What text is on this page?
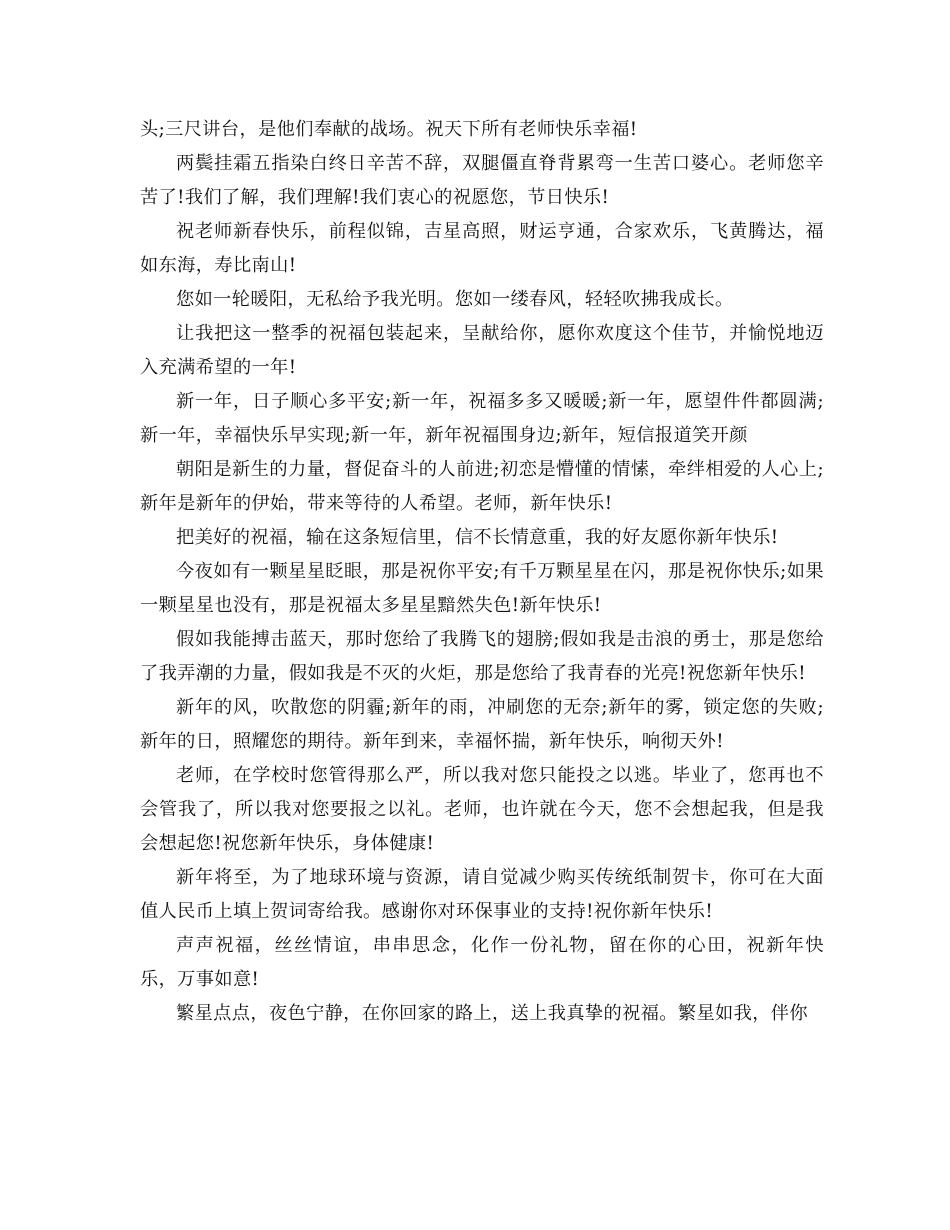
头;三尺讲台，是他们奉献的战场。祝天下所有老师快乐幸福!

两鬓挂霜五指染白终日辛苦不辞，双腿僵直脊背累弯一生苦口婆心。老师您辛苦了!我们了解，我们理解!我们衷心的祝愿您，节日快乐!

祝老师新春快乐，前程似锦，吉星高照，财运亨通，合家欢乐，飞黄腾达，福如东海，寿比南山!

您如一轮暖阳，无私给予我光明。您如一缕春风，轻轻吹拂我成长。

让我把这一整季的祝福包装起来，呈献给你，愿你欢度这个佳节，并愉悦地迈入充满希望的一年!

新一年，日子顺心多平安;新一年，祝福多多又暖暖;新一年，愿望件件都圆满;新一年，幸福快乐早实现;新一年，新年祝福围身边;新年，短信报道笑开颜

朝阳是新生的力量，督促奋斗的人前进;初恋是懵懂的情愫，牵绊相爱的人心上;新年是新年的伊始，带来等待的人希望。老师，新年快乐!

把美好的祝福，输在这条短信里，信不长情意重，我的好友愿你新年快乐!

今夜如有一颗星星眨眼，那是祝你平安;有千万颗星星在闪，那是祝你快乐;如果一颗星星也没有，那是祝福太多星星黯然失色!新年快乐!

假如我能搏击蓝天，那时您给了我腾飞的翅膀;假如我是击浪的勇士，那是您给了我弄潮的力量，假如我是不灭的火炬，那是您给了我青春的光亮!祝您新年快乐!

新年的风，吹散您的阴霾;新年的雨，冲刷您的无奈;新年的雾，锁定您的失败;新年的日，照耀您的期待。新年到来，幸福怀揣，新年快乐，响彻天外!

老师，在学校时您管得那么严，所以我对您只能投之以逃。毕业了，您再也不会管我了，所以我对您要报之以礼。老师，也许就在今天，您不会想起我，但是我会想起您!祝您新年快乐，身体健康!

新年将至，为了地球环境与资源，请自觉减少购买传统纸制贺卡，你可在大面值人民币上填上贺词寄给我。感谢你对环保事业的支持!祝你新年快乐!

声声祝福，丝丝情谊，串串思念，化作一份礼物，留在你的心田，祝新年快乐，万事如意!

繁星点点，夜色宁静，在你回家的路上，送上我真挚的祝福。繁星如我，伴你
